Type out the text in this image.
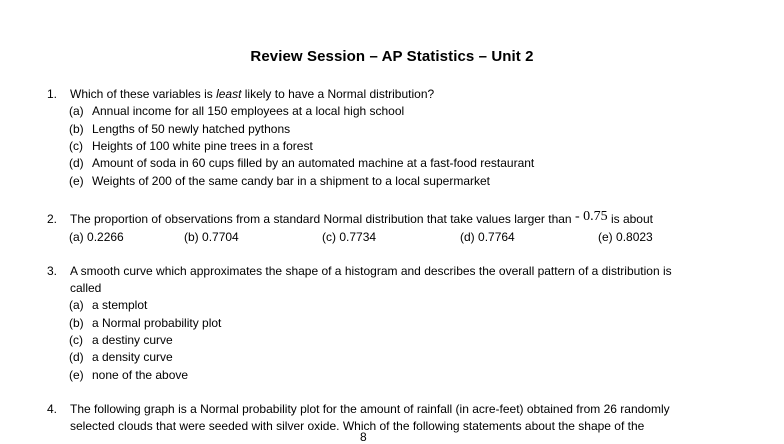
Review Session – AP Statistics – Unit 2
1.	Which of these variables is least likely to have a Normal distribution?
(a) Annual income for all 150 employees at a local high school
(b) Lengths of 50 newly hatched pythons
(c) Heights of 100 white pine trees in a forest
(d) Amount of soda in 60 cups filled by an automated machine at a fast-food restaurant
(e) Weights of 200 of the same candy bar in a shipment to a local supermarket
2.	The proportion of observations from a standard Normal distribution that take values larger than - 0.75 is about
(a) 0.2266	(b) 0.7704	(c) 0.7734	(d) 0.7764	(e) 0.8023
3.	A smooth curve which approximates the shape of a histogram and describes the overall pattern of a distribution is
called
(a) a stemplot
(b) a Normal probability plot
(c) a destiny curve
(d) a density curve
(e) none of the above
4.	The following graph is a Normal probability plot for the amount of rainfall (in acre-feet) obtained from 26 randomly
selected clouds that were seeded with silver oxide. Which of the following statements about the shape of the
8
